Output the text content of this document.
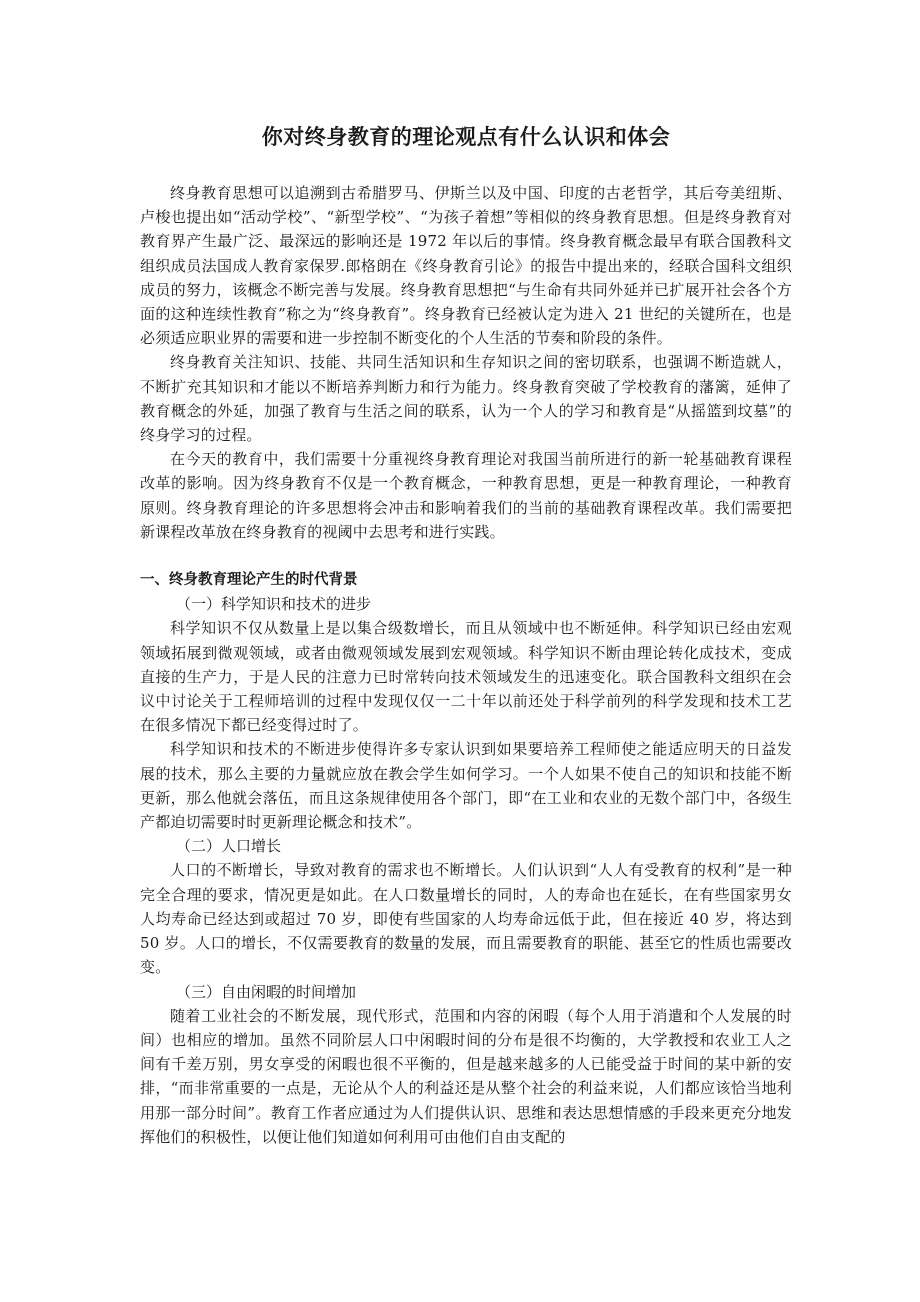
你对终身教育的理论观点有什么认识和体会

终身教育思想可以追溯到古希腊罗马、伊斯兰以及中国、印度的古老哲学，其后夸美纽斯、卢梭也提出如“活动学校”、“新型学校”、“为孩子着想”等相似的终身教育思想。但是终身教育对教育界产生最广泛、最深远的影响还是 1972 年以后的事情。终身教育概念最早有联合国教科文组织成员法国成人教育家保罗.郎格朗在《终身教育引论》的报告中提出来的，经联合国科文组织成员的努力，该概念不断完善与发展。终身教育思想把“与生命有共同外延并已扩展开社会各个方面的这种连续性教育”称之为“终身教育”。终身教育已经被认定为进入 21 世纪的关键所在，也是必须适应职业界的需要和进一步控制不断变化的个人生活的节奏和阶段的条件。

终身教育关注知识、技能、共同生活知识和生存知识之间的密切联系，也强调不断造就人，不断扩充其知识和才能以不断培养判断力和行为能力。终身教育突破了学校教育的藩篱，延伸了教育概念的外延，加强了教育与生活之间的联系，认为一个人的学习和教育是“从摇篮到坟墓”的终身学习的过程。

在今天的教育中，我们需要十分重视终身教育理论对我国当前所进行的新一轮基础教育课程改革的影响。因为终身教育不仅是一个教育概念，一种教育思想，更是一种教育理论，一种教育原则。终身教育理论的许多思想将会冲击和影响着我们的当前的基础教育课程改革。我们需要把新课程改革放在终身教育的视阈中去思考和进行实践。

一、终身教育理论产生的时代背景
（一）科学知识和技术的进步

科学知识不仅从数量上是以集合级数增长，而且从领域中也不断延伸。科学知识已经由宏观领域拓展到微观领域，或者由微观领域发展到宏观领域。科学知识不断由理论转化成技术，变成直接的生产力，于是人民的注意力已时常转向技术领域发生的迅速变化。联合国教科文组织在会议中讨论关于工程师培训的过程中发现仅仅一二十年以前还处于科学前列的科学发现和技术工艺在很多情况下都已经变得过时了。

科学知识和技术的不断进步使得许多专家认识到如果要培养工程师使之能适应明天的日益发展的技术，那么主要的力量就应放在教会学生如何学习。一个人如果不使自己的知识和技能不断更新，那么他就会落伍，而且这条规律使用各个部门，即“在工业和农业的无数个部门中，各级生产都迫切需要时时更新理论概念和技术”。

（二）人口增长

人口的不断增长，导致对教育的需求也不断增长。人们认识到“人人有受教育的权利”是一种完全合理的要求，情况更是如此。在人口数量增长的同时，人的寿命也在延长，在有些国家男女人均寿命已经达到或超过 70 岁，即使有些国家的人均寿命远低于此，但在接近 40 岁，将达到 50 岁。人口的增长，不仅需要教育的数量的发展，而且需要教育的职能、甚至它的性质也需要改变。

（三）自由闲暇的时间增加

随着工业社会的不断发展，现代形式，范围和内容的闲暇（每个人用于消遣和个人发展的时间）也相应的增加。虽然不同阶层人口中闲暇时间的分布是很不均衡的，大学教授和农业工人之间有千差万别，男女享受的闲暇也很不平衡的，但是越来越多的人已能受益于时间的某中新的安排，“而非常重要的一点是，无论从个人的利益还是从整个社会的利益来说，人们都应该恰当地利用那一部分时间”。教育工作者应通过为人们提供认识、思维和表达思想情感的手段来更充分地发挥他们的积极性，以便让他们知道如何利用可由他们自由支配的
